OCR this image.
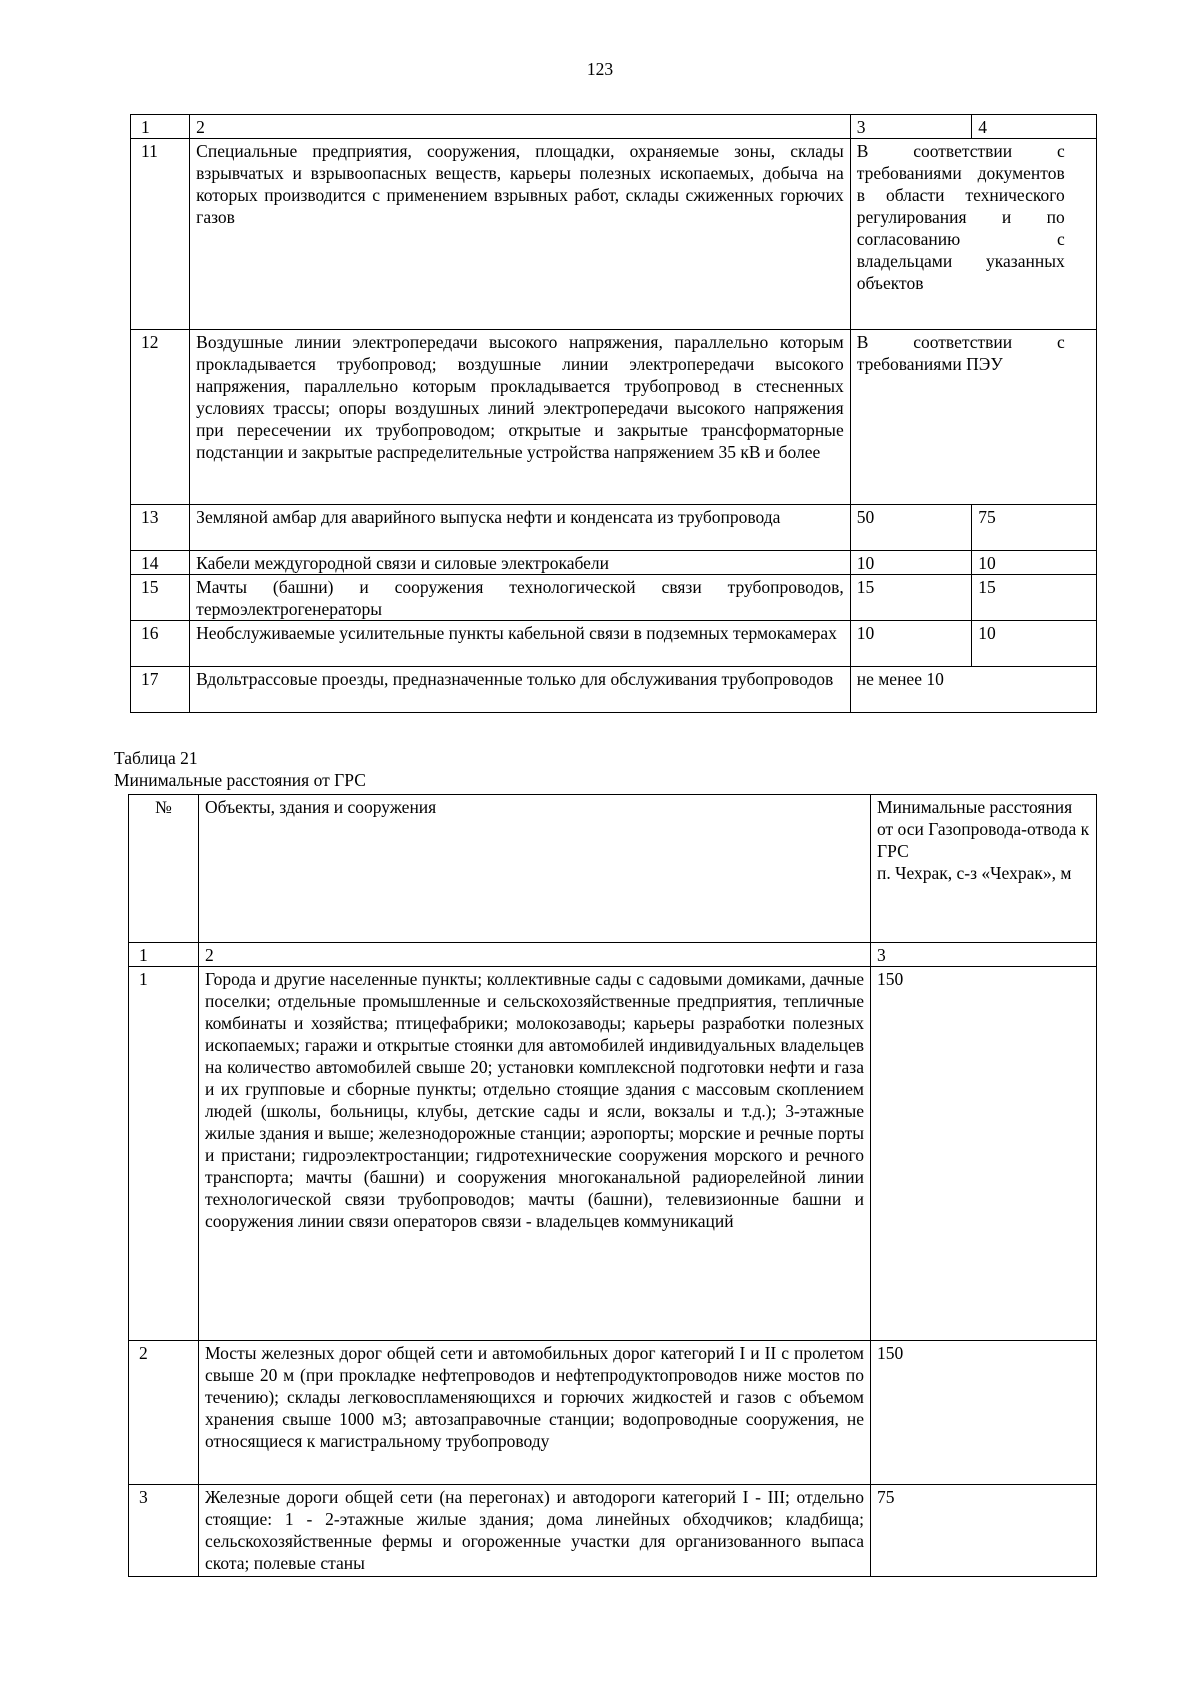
123
1	2	3	4
11	Специальные предприятия, сооружения, площадки, охраняемые зоны, склады взрывчатых и взрывоопасных веществ, карьеры полезных ископаемых, добыча на которых производится с применением взрывных работ, склады сжиженных горючих газов	В соответствии с требованиями документов в области технического регулирования и по согласованию с владельцами указанных объектов	

12	Воздушные линии электропередачи высокого напряжения, параллельно которым прокладывается трубопровод; воздушные линии электропередачи высокого напряжения, параллельно которым прокладывается трубопровод в стесненных условиях трассы; опоры воздушных линий электропередачи высокого напряжения при пересечении их трубопроводом; открытые и закрытые трансформаторные подстанции и закрытые распределительные устройства напряжением 35 кВ и более	В соответствии с требованиями ПЭУ	

13	Земляной амбар для аварийного выпуска нефти и конденсата из трубопровода	50	75
14	Кабели междугородной связи и силовые электрокабели	10	10
15	Мачты (башни) и сооружения технологической связи трубопроводов, термоэлектрогенераторы	15	15
16	Необслуживаемые усилительные пункты кабельной связи в подземных термокамерах	10	10
17	Вдольтрассовые проезды, предназначенные только для обслуживания трубопроводов	не менее 10	
Таблица 21
Минимальные расстояния от ГРС
№	Объекты, здания и сооружения	Минимальные расстояния от оси Газопровода-отвода к ГРС
п. Чехрак, с-з «Чехрак», м

1	2	3
1	Города и другие населенные пункты; коллективные сады с садовыми домиками, дачные поселки; отдельные промышленные и сельскохозяйственные предприятия, тепличные комбинаты и хозяйства; птицефабрики; молокозаводы; карьеры разработки полезных ископаемых; гаражи и открытые стоянки для автомобилей индивидуальных владельцев на количество автомобилей свыше 20; установки комплексной подготовки нефти и газа и их групповые и сборные пункты; отдельно стоящие здания с массовым скоплением людей (школы, больницы, клубы, детские сады и ясли, вокзалы и т.д.); 3-этажные жилые здания и выше; железнодорожные станции; аэропорты; морские и речные порты и пристани; гидроэлектростанции; гидротехнические сооружения морского и речного транспорта; мачты (башни) и сооружения многоканальной радиорелейной линии технологической связи трубопроводов; мачты (башни), телевизионные башни и сооружения линии связи операторов связи - владельцев коммуникаций	150
2	Мосты железных дорог общей сети и автомобильных дорог категорий I и II с пролетом свыше 20 м (при прокладке нефтепроводов и нефтепродуктопроводов ниже мостов по течению); склады легковоспламеняющихся и горючих жидкостей и газов с объемом хранения свыше 1000 м3; автозаправочные станции; водопроводные сооружения, не относящиеся к магистральному трубопроводу	150
3	Железные дороги общей сети (на перегонах) и автодороги категорий I - III; отдельно стоящие: 1 - 2-этажные жилые здания; дома линейных обходчиков; кладбища; сельскохозяйственные фермы и огороженные участки для организованного выпаса скота; полевые станы	75
